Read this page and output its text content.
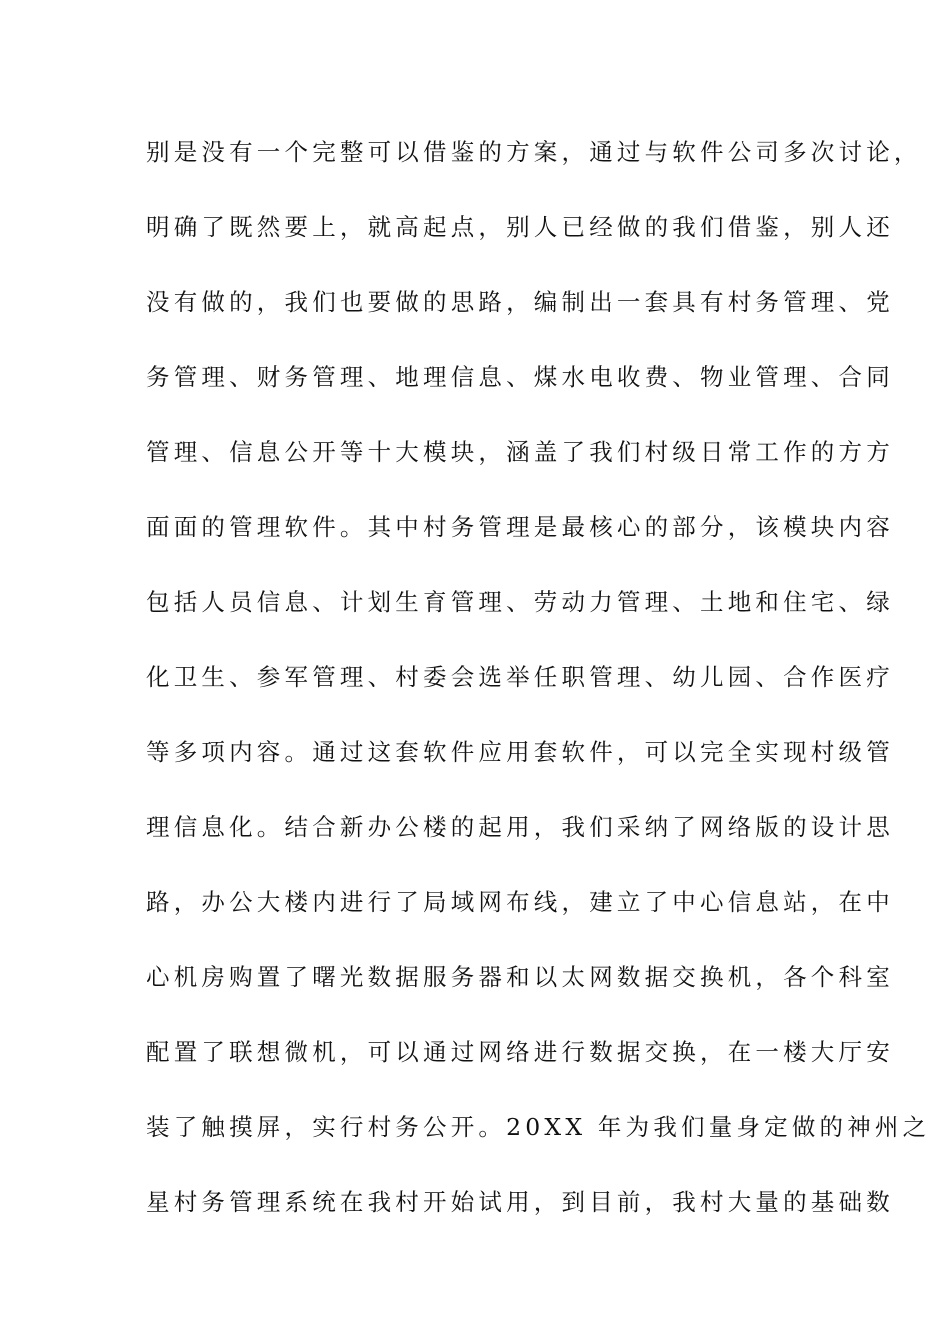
别是没有一个完整可以借鉴的方案，通过与软件公司多次讨论，
明确了既然要上，就高起点，别人已经做的我们借鉴，别人还
没有做的，我们也要做的思路，编制出一套具有村务管理、党
务管理、财务管理、地理信息、煤水电收费、物业管理、合同
管理、信息公开等十大模块，涵盖了我们村级日常工作的方方
面面的管理软件。其中村务管理是最核心的部分，该模块内容
包括人员信息、计划生育管理、劳动力管理、土地和住宅、绿
化卫生、参军管理、村委会选举任职管理、幼儿园、合作医疗
等多项内容。通过这套软件应用套软件，可以完全实现村级管
理信息化。结合新办公楼的起用，我们采纳了网络版的设计思
路，办公大楼内进行了局域网布线，建立了中心信息站，在中
心机房购置了曙光数据服务器和以太网数据交换机，各个科室
配置了联想微机，可以通过网络进行数据交换，在一楼大厅安
装了触摸屏，实行村务公开。20XX 年为我们量身定做的神州之
星村务管理系统在我村开始试用，到目前，我村大量的基础数
